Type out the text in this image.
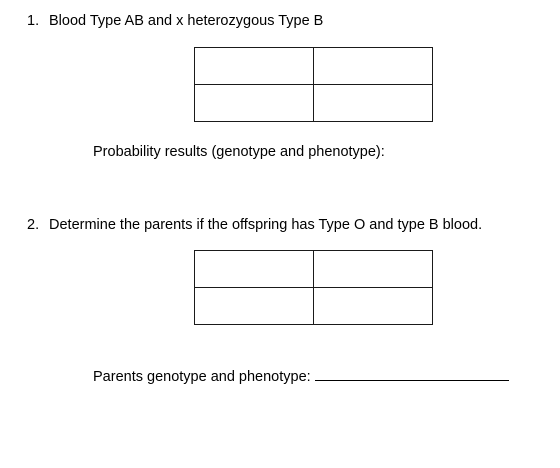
1. Blood Type AB and x heterozygous Type B

Probability results (genotype and phenotype):
2. Determine the parents if the offspring has Type O and type B blood.

Parents genotype and phenotype:
